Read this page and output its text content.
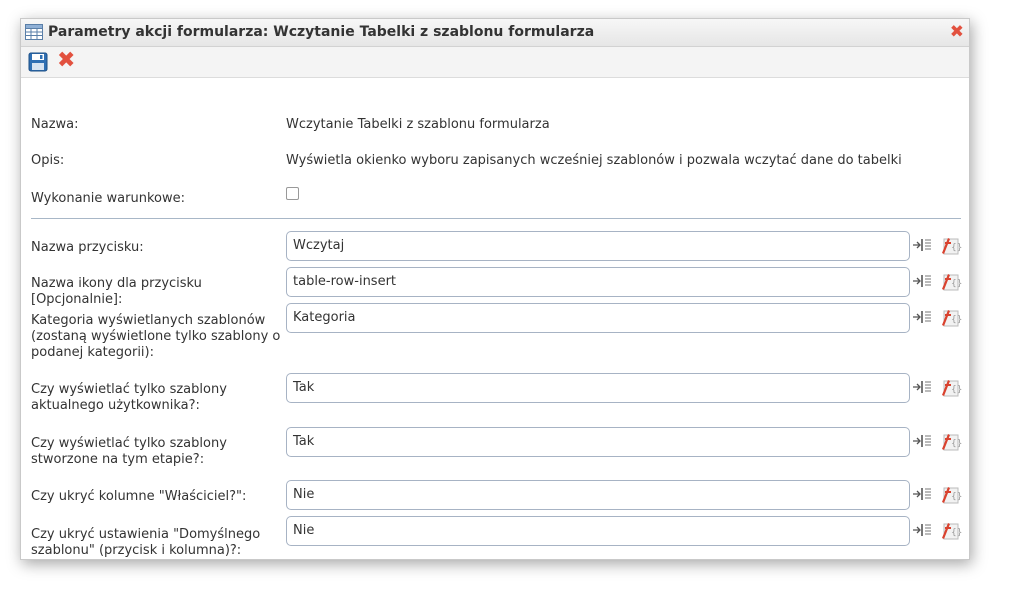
Parametry akcji formularza: Wczytanie Tabelki z szablonu formularza	✖
✖
Nazwa:	Wczytanie Tabelki z szablonu formularza
Opis:	Wyświetla okienko wyboru zapisanych wcześniej szablonów i pozwala wczytać dane do tabelki
Wykonanie warunkowe:
Nazwa przycisku:	Wczytaj
Nazwa ikony dla przycisku [Opcjonalnie]:
table-row-insert
Kategoria wyświetlanych szablonów (zostaną wyświetlone tylko szablony o podanej kategorii):
Kategoria
Czy wyświetlać tylko szablony aktualnego użytkownika?:
Tak
Czy wyświetlać tylko szablony stworzone na tym etapie?:
Tak
Czy ukryć kolumne "Właściciel?":	Nie
Czy ukryć ustawienia "Domyślnego szablonu" (przycisk i kolumna)?:
Nie
{}
{}
{}
{}
{}
{}
{}
